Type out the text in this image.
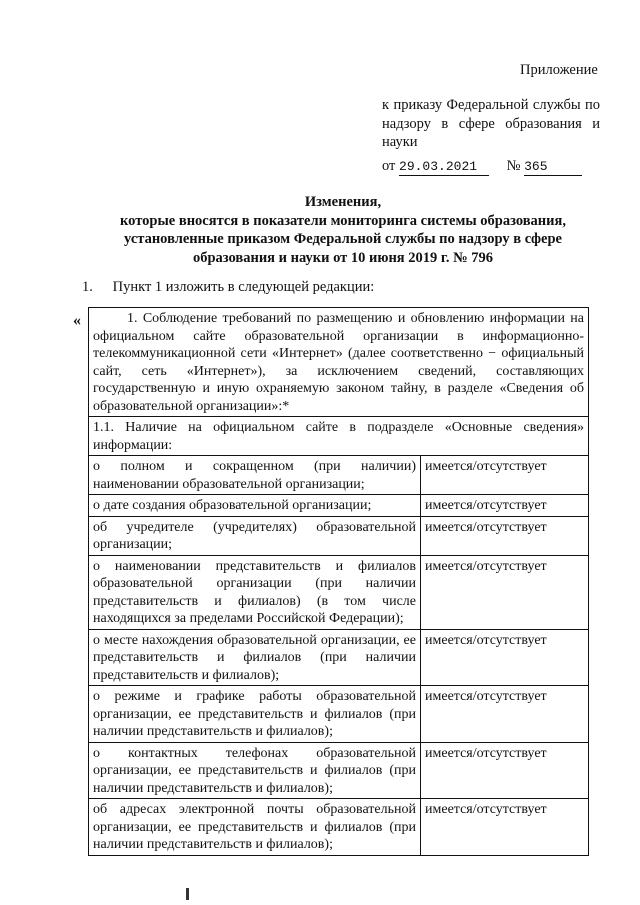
Приложение
к приказу Федеральной службы по надзору в сфере образования и науки
от 29.03.2021 № 365
Изменения,
которые вносятся в показатели мониторинга системы образования,
установленные приказом Федеральной службы по надзору в сфере
образования и науки от 10 июня 2019 г. № 796
1. Пункт 1 изложить в следующей редакции:
«	1. Соблюдение требований по размещению и обновлению информации на официальном сайте образовательной организации в информационно-телекоммуникационной сети «Интернет» (далее соответственно − официальный сайт, сеть «Интернет»), за исключением сведений, составляющих государственную и иную охраняемую законом тайну, в разделе «Сведения об образовательной организации»:*	
1.1. Наличие на официальном сайте в подразделе «Основные сведения» информации:	
о полном и сокращенном (при наличии) наименовании образовательной организации;	имеется/отсутствует
о дате создания образовательной организации;	имеется/отсутствует
об учредителе (учредителях) образовательной организации;	имеется/отсутствует
о наименовании представительств и филиалов образовательной организации (при наличии представительств и филиалов) (в том числе находящихся за пределами Российской Федерации);	имеется/отсутствует
о месте нахождения образовательной организации, ее представительств и филиалов (при наличии представительств и филиалов);	имеется/отсутствует
о режиме и графике работы образовательной организации, ее представительств и филиалов (при наличии представительств и филиалов);	имеется/отсутствует
о контактных телефонах образовательной организации, ее представительств и филиалов (при наличии представительств и филиалов);	имеется/отсутствует
об адресах электронной почты образовательной организации, ее представительств и филиалов (при наличии представительств и филиалов);	имеется/отсутствует
